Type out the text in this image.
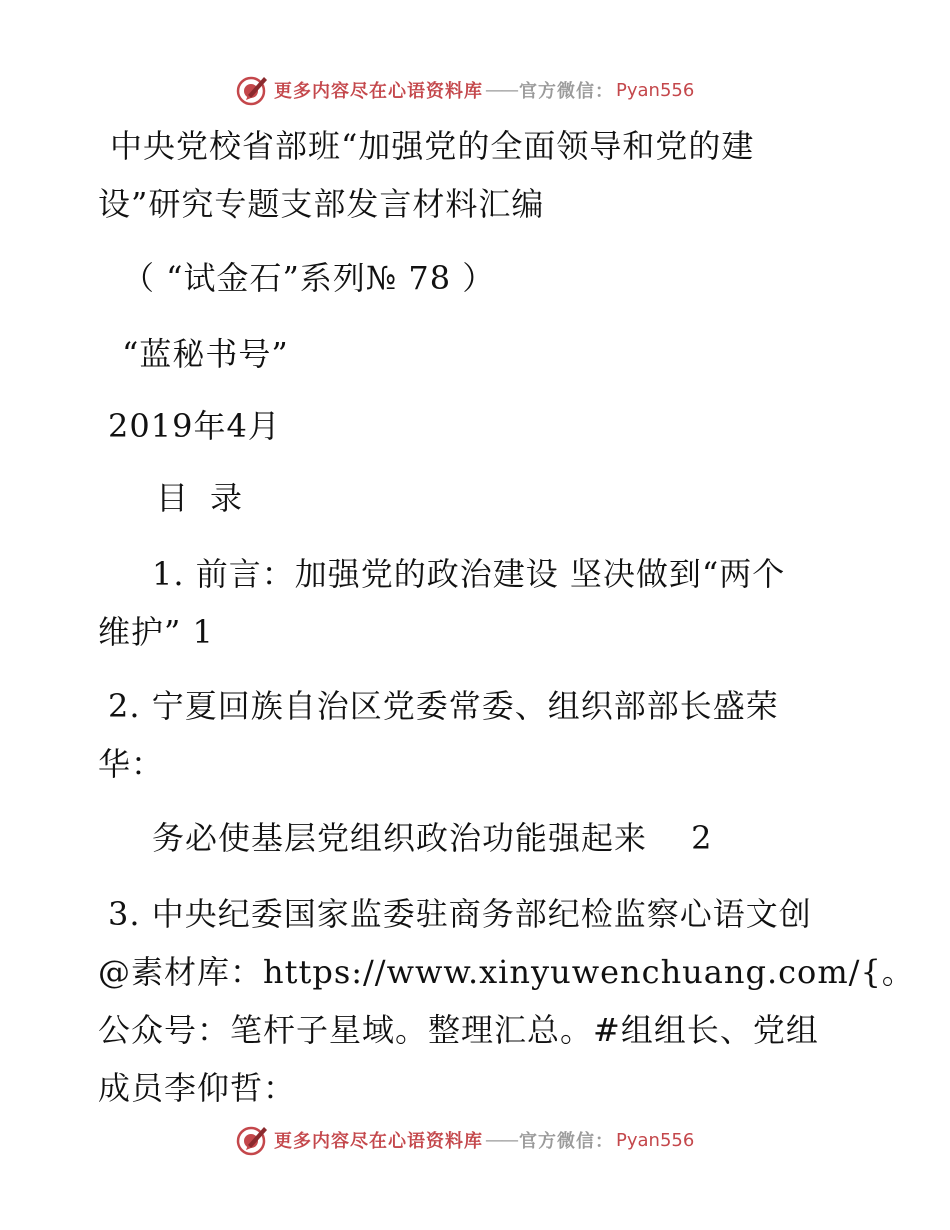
更多内容尽在心语资料库 —— 官方微信： Pyan556
中央党校省部班“加强党的全面领导和党的建
设”研究专题支部发言材料汇编
（ “试金石”系列№ 78 ）
“蓝秘书号”
2019年4月
目录
1. 前言：加强党的政治建设 坚决做到“两个
维护” 1
2. 宁夏回族自治区党委常委、组织部部长盛荣
华：
务必使基层党组织政治功能强起来　 2
3. 中央纪委国家监委驻商务部纪检监察心语文创
@素材库：https://www.xinyuwenchuang.com/{。
公众号：笔杆子星域。整理汇总。#组组长、党组
成员李仰哲：
更多内容尽在心语资料库 —— 官方微信： Pyan556
